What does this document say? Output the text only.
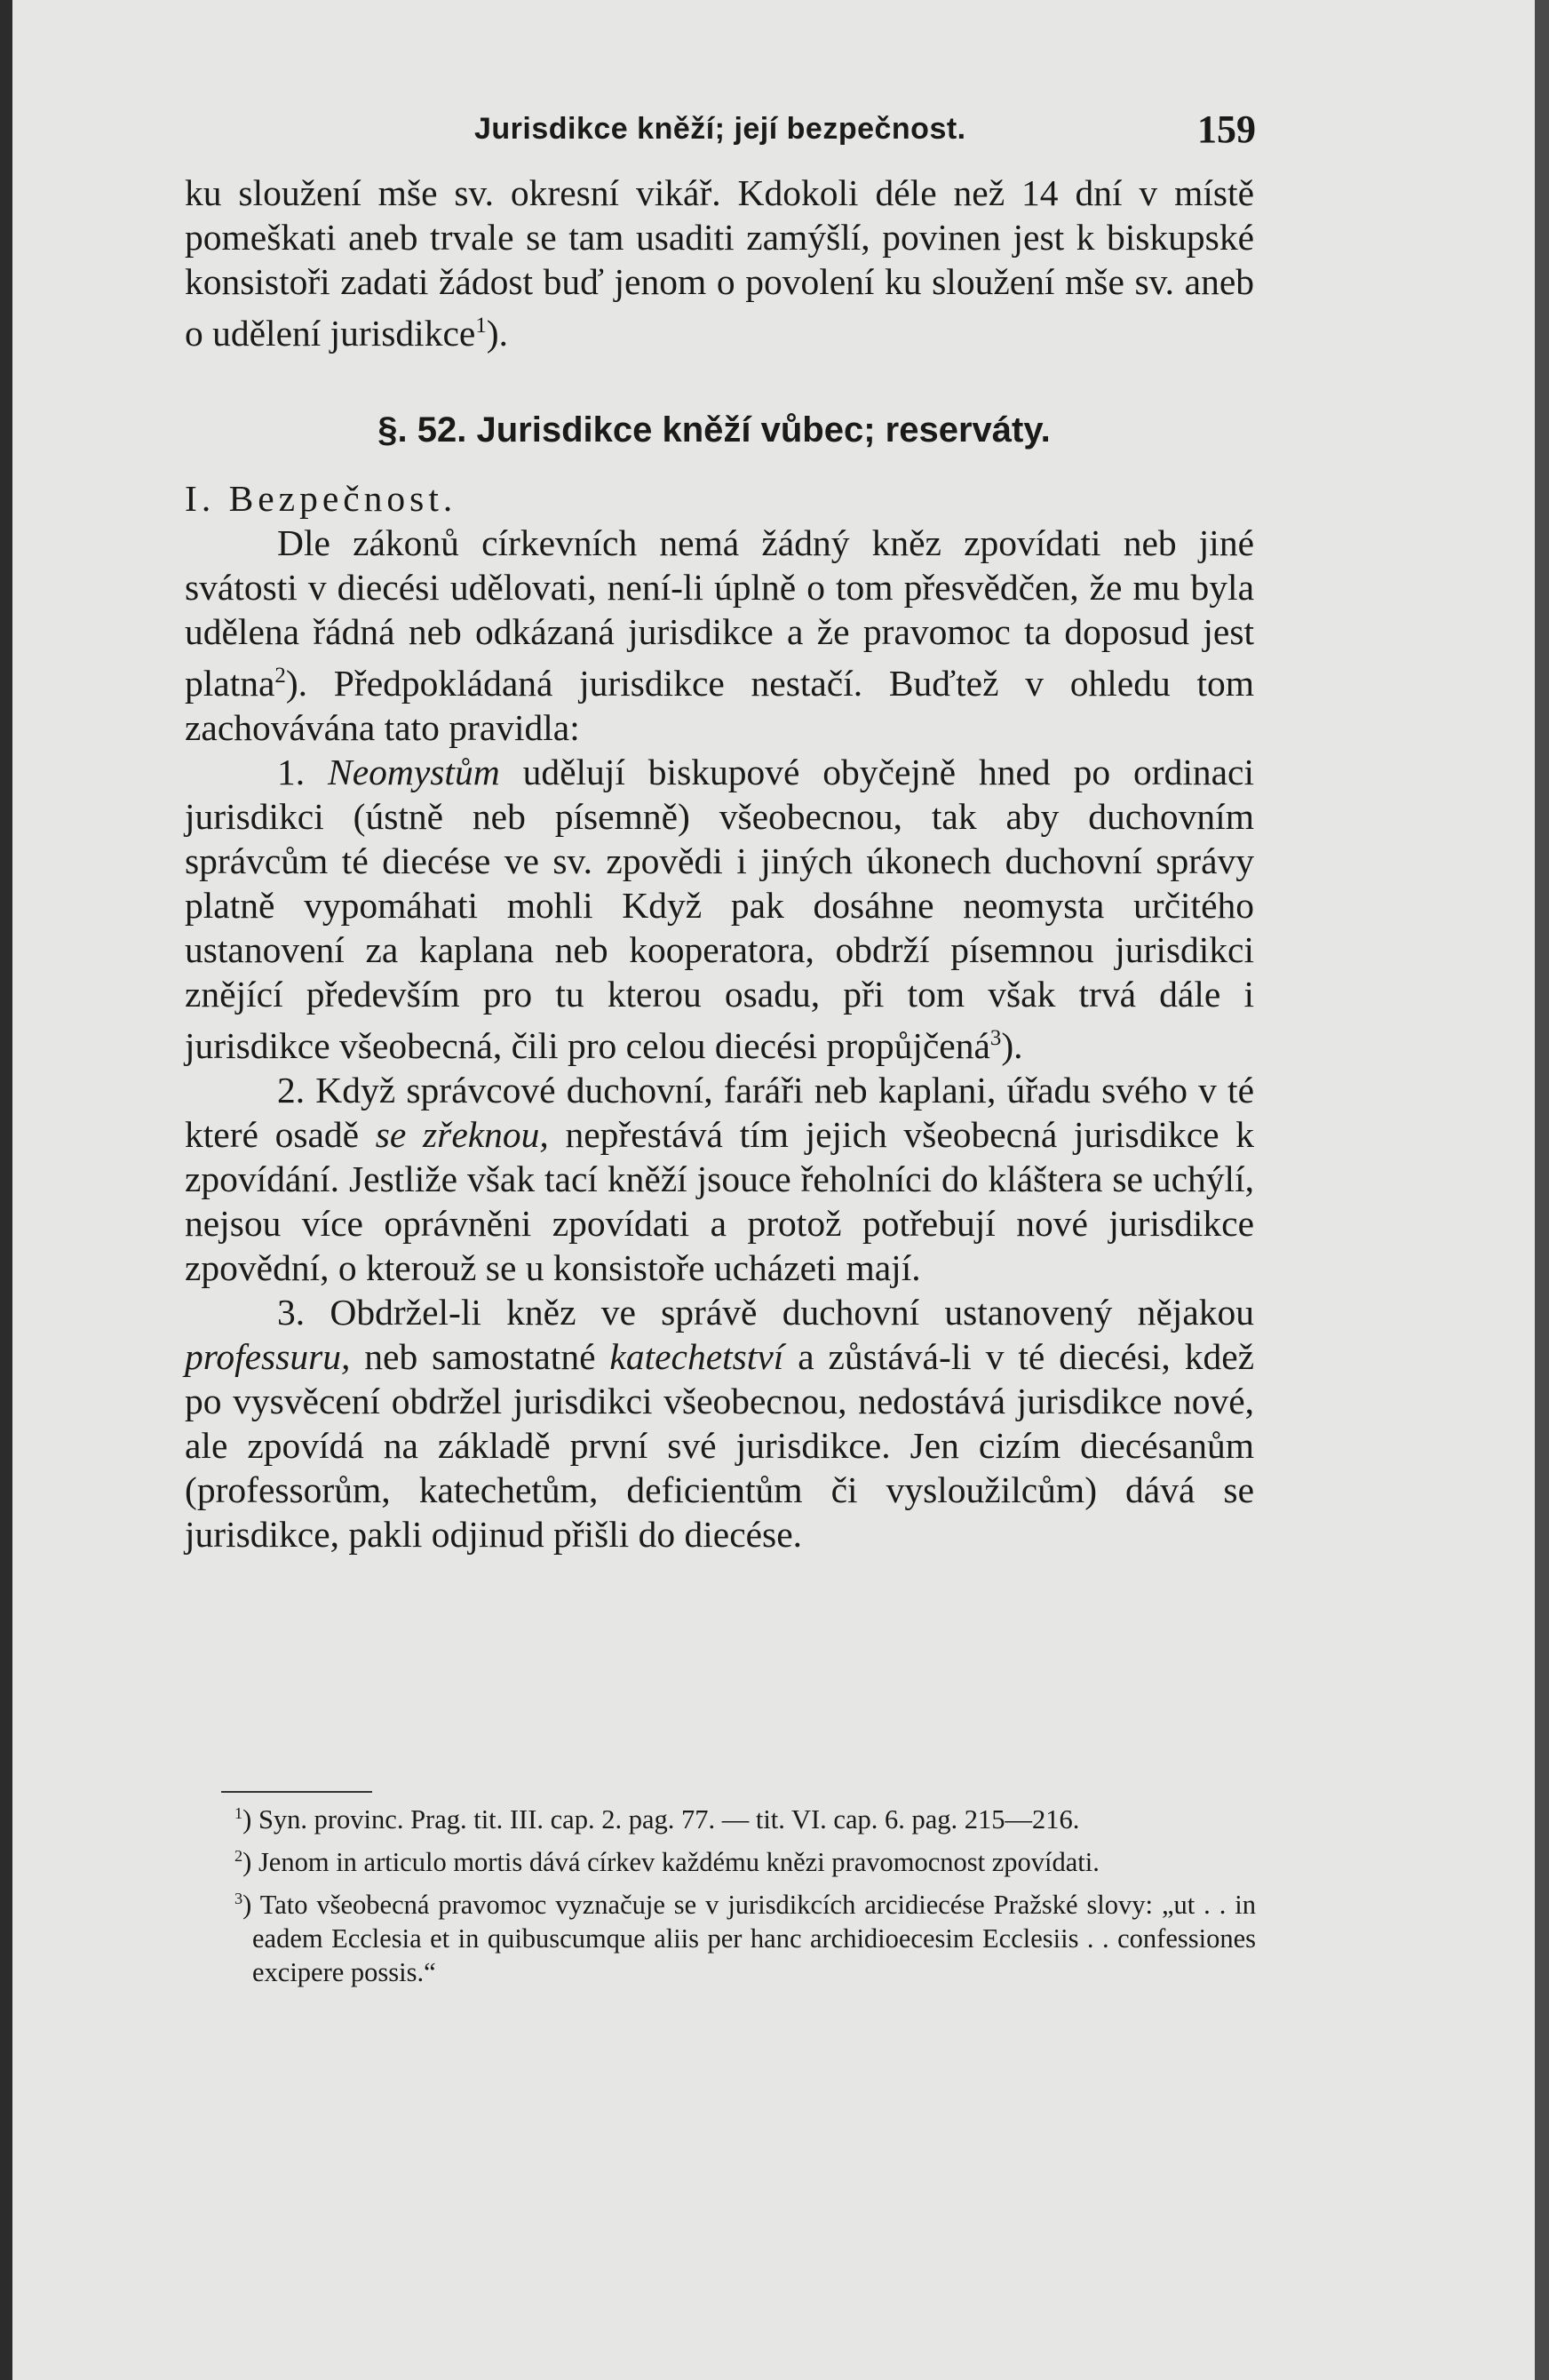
Jurisdikce kněží; její bezpečnost.	159

ku sloužení mše sv. okresní vikář. Kdokoli déle než 14 dní v místě pomeškati aneb trvale se tam usaditi zamýšlí, povinen jest k biskupské konsistoři zadati žádost buď jenom o povolení ku sloužení mše sv. aneb o udělení jurisdikce$^1$).

§. 52. Jurisdikce kněží vůbec; reserváty.

I. Bezpečnost.

Dle zákonů církevních nemá žádný kněz zpovídati neb jiné svátosti v diecési udělovati, není-li úplně o tom přesvědčen, že mu byla udělena řádná neb odkázaná jurisdikce a že pravomoc ta doposud jest platna$^2$). Předpokládaná jurisdikce nestačí. Buďtež v ohledu tom zachovávána tato pravidla:

1. Neomystům udělují biskupové obyčejně hned po ordinaci jurisdikci (ústně neb písemně) všeobecnou, tak aby duchovním správcům té diecése ve sv. zpovědi i jiných úkonech duchovní správy platně vypomáhati mohli Když pak dosáhne neomysta určitého ustanovení za kaplana neb kooperatora, obdrží písemnou jurisdikci znějící především pro tu kterou osadu, při tom však trvá dále i jurisdikce všeobecná, čili pro celou diecési propůjčená$^3$).

2. Když správcové duchovní, faráři neb kaplani, úřadu svého v té které osadě se zřeknou, nepřestává tím jejich všeobecná jurisdikce k zpovídání. Jestliže však tací kněží jsouce řeholníci do kláštera se uchýlí, nejsou více oprávněni zpovídati a protož potřebují nové jurisdikce zpovědní, o kterouž se u konsistoře ucházeti mají.

3. Obdržel-li kněz ve správě duchovní ustanovený nějakou professuru, neb samostatné katechetství a zůstává-li v té diecési, kdež po vysvěcení obdržel jurisdikci všeobecnou, nedostává jurisdikce nové, ale zpovídá na základě první své jurisdikce. Jen cizím diecésanům (professorům, katechetům, deficientům či vysloužilcům) dává se jurisdikce, pakli odjinud přišli do diecése.

$^1$) Syn. provinc. Prag. tit. III. cap. 2. pag. 77. — tit. VI. cap. 6. pag. 215—216.

$^2$) Jenom in articulo mortis dává církev každému knězi pravomocnost zpovídati.

$^3$) Tato všeobecná pravomoc vyznačuje se v jurisdikcích arcidiecése Pražské slovy: „ut . . in eadem Ecclesia et in quibuscumque aliis per hanc archidioecesim Ecclesiis . . confessiones excipere possis.“
